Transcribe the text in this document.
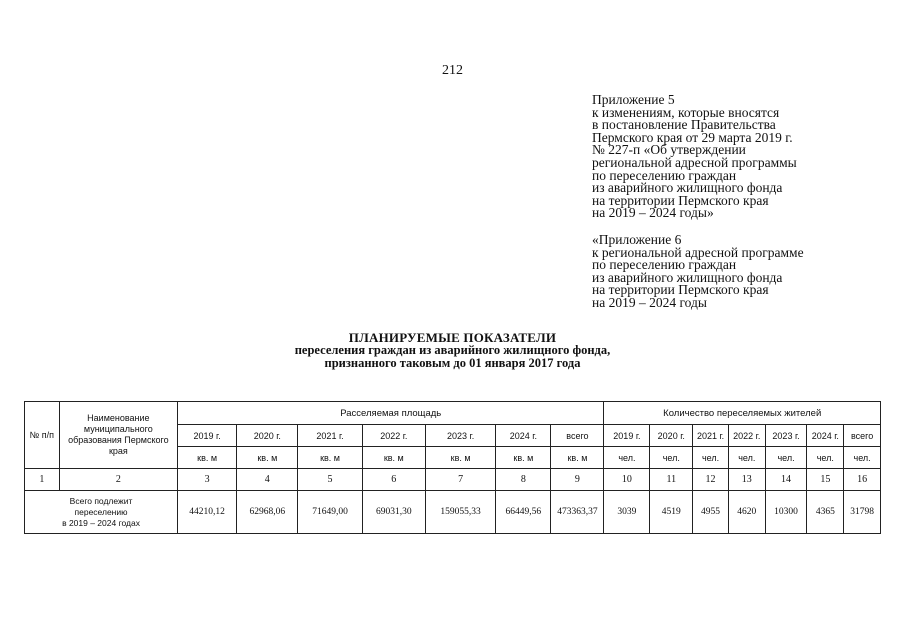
212
Приложение 5
к изменениям, которые вносятся
в постановление Правительства
Пермского края от 29 марта 2019 г.
№ 227-п «Об утверждении
региональной адресной программы
по переселению граждан
из аварийного жилищного фонда
на территории Пермского края
на 2019 – 2024 годы»
«Приложение 6
к региональной адресной программе
по переселению граждан
из аварийного жилищного фонда
на территории Пермского края
на 2019 – 2024 годы
ПЛАНИРУЕМЫЕ ПОКАЗАТЕЛИ
переселения граждан из аварийного жилищного фонда,
признанного таковым до 01 января 2017 года
№ п/п	Наименование муниципального образования Пермского края	Расселяемая площадь							Количество переселяемых жителей						
		2019 г.	2020 г.	2021 г.	2022 г.	2023 г.	2024 г.	всего	2019 г.	2020 г.	2021 г.	2022 г.	2023 г.	2024 г.	всего
		кв. м	кв. м	кв. м	кв. м	кв. м	кв. м	кв. м	чел.	чел.	чел.	чел.	чел.	чел.	чел.
1	2	3	4	5	6	7	8	9	10	11	12	13	14	15	16

Всего подлежит
переселению
в 2019 – 2024 годах		44210,12	62968,06	71649,00	69031,30	159055,33	66449,56	473363,37	3039	4519	4955	4620	10300	4365	31798
